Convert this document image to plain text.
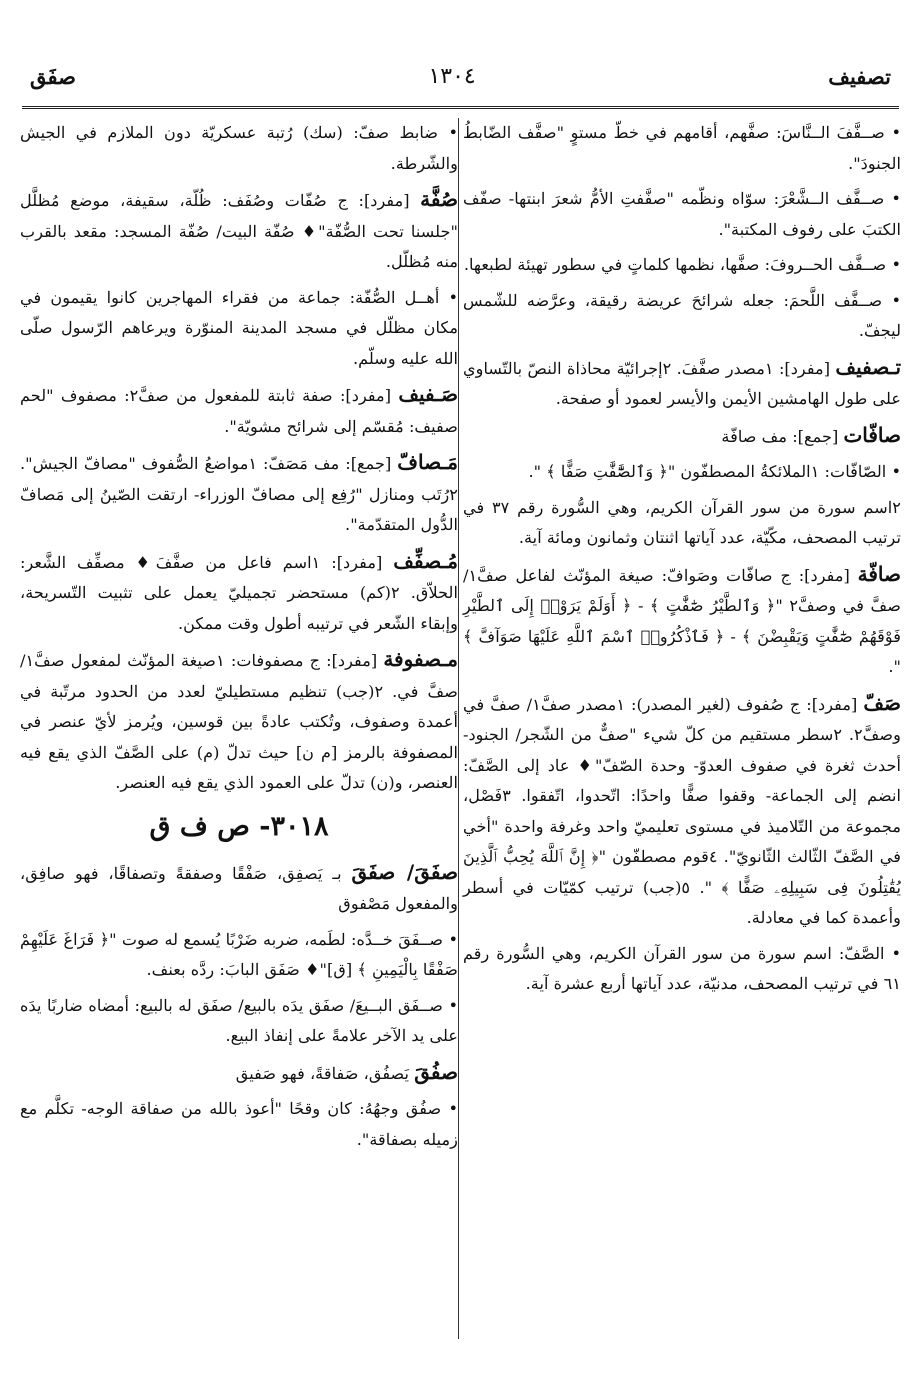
تصفيف
١٣٠٤
صفَق

• صــفَّفَ الــنَّاسَ: صفَّهم، أقامهم في خطّ مستوٍ "صفَّف الضّابطُ الجنودَ".

• صــفَّف الــشَّعْرَ: سوّاه ونظّمه "صفَّفتِ الأمُّ شعرَ ابنتها- صفّف الكتبَ على رفوف المكتبة".

• صــفَّف الحــروفَ: صفَّها، نظمها كلماتٍ في سطور تهيئة لطبعها.

• صــفَّف اللَّحمَ: جعله شرائحَ عريضة رقيقة، وعرَّضه للشّمس ليجفّ.

تـصفيف [مفرد]: ١مصدر صفَّفَ. ٢إجرائيّة محاذاة النصّ بالتّساوي على طول الهامشين الأيمن والأيسر لعمود أو صفحة.

صافّات [جمع]: مف صافّة

• الصّافّات: ١الملائكةُ المصطفّون "﴿ وَٱلصَّٰٓفَّٰتِ صَفًّا ﴾ ".

٢اسم سورة من سور القرآن الكريم، وهي السُّورة رقم ٣٧ في ترتيب المصحف، مكّيّة، عدد آياتها اثنتان وثمانون ومائة آية.

صافّة [مفرد]: ج صافّات وصَوافّ: صيغة المؤنّث لفاعل صفَّ١/ صفَّ في وصفَّ٢ "﴿ وَٱلطَّيْرُ صَٰٓفَّٰتٍ ﴾ - ﴿ أَوَلَمْ يَرَوْا۟ إِلَى ٱلطَّيْرِ فَوْقَهُمْ صَٰٓفَّٰتٍ وَيَقْبِضْنَ ﴾ - ﴿ فَٱذْكُرُوا۟ ٱسْمَ ٱللَّهِ عَلَيْهَا صَوَآفَّ ﴾ ".

صَفّ [مفرد]: ج صُفوف (لغير المصدر): ١مصدر صفَّ١/ صفَّ في وصفَّ٢. ٢سطر مستقيم من كلّ شيء "صفٌّ من الشّجر/ الجنود- أحدث ثغرة في صفوف العدوّ- وحدة الصّفّ"♦ عاد إلى الصَّفّ: انضم إلى الجماعة- وقفوا صفًّا واحدًا: اتّحدوا، اتّفقوا. ٣فَصْل، مجموعة من التّلاميذ في مستوى تعليميّ واحد وغرفة واحدة "أخي في الصَّفّ الثّالث الثّانويّ". ٤قوم مصطفّون "﴿ إِنَّ ٱللَّهَ يُحِبُّ ٱلَّذِينَ يُقَٰتِلُونَ فِى سَبِيلِهِۦ صَفًّا ﴾ ". ٥(جب) ترتيب كمّيّات في أسطر وأعمدة كما في معادلة.

• الصَّفّ: اسم سورة من سور القرآن الكريم، وهي السُّورة رقم ٦١ في ترتيب المصحف، مدنيّة، عدد آياتها أربع عشرة آية.

• ضابط صفّ: (سك) رُتبة عسكريّة دون الملازم في الجيش والشّرطة.

صُفَّة [مفرد]: ج صُفّات وصُفَف: ظُلّة، سقيفة، موضع مُظلَّل "جلسنا تحت الصُّفّة"♦ صُفّة البيت/ صُفّة المسجد: مقعد بالقرب منه مُظلّل.

• أهــل الصُّفّة: جماعة من فقراء المهاجرين كانوا يقيمون في مكان مظلّل في مسجد المدينة المنوّرة ويرعاهم الرّسول صلّى الله عليه وسلّم.

صَـفيف [مفرد]: صفة ثابتة للمفعول من صفَّ٢: مصفوف "لحم صفيف: مُقسّم إلى شرائح مشويّة".

مَـصافّ [جمع]: مف مَصَفّ: ١مواضعُ الصُّفوف "مصافّ الجيش". ٢رُتَب ومنازل "رُفِع إلى مصافّ الوزراء- ارتقت الصّينُ إلى مَصافّ الدُّول المتقدّمة".

مُـصفِّف [مفرد]: ١اسم فاعل من صفَّفَ♦ مصفِّف الشَّعر: الحلاّق. ٢(كم) مستحضر تجميليّ يعمل على تثبيت التّسريحة، وإبقاء الشّعر في ترتيبه أطول وقت ممكن.

مـصفوفة [مفرد]: ج مصفوفات: ١صيغة المؤنّث لمفعول صفَّ١/ صفَّ في. ٢(جب) تنظيم مستطيليّ لعدد من الحدود مرتّبة في أعمدة وصفوف، وتُكتب عادةً بين قوسين، ويُرمز لأيّ عنصر في المصفوفة بالرمز [م ن] حيث تدلّ (م) على الصَّفّ الذي يقع فيه العنصر، و(ن) تدلّ على العمود الذي يقع فيه العنصر.

٣٠١٨- ص ف ق

صفَقَ/ صفَقَ بـ يَصفِق، صَفْقًا وصفقةً وتصفاقًا، فهو صافِق، والمفعول مَصْفوق

• صــفَقَ خــدَّه: لطَمه، ضربه ضَرْبًا يُسمع له صوت "﴿ فَرَاغَ عَلَيْهِمْ صَفْقًا بِالْيَمِينِ ﴾ [ق]"♦ صَفَق البابَ: ردَّه بعنف.

• صــفَق البــيعَ/ صفَق يدَه بالبيع/ صفَق له بالبيع: أمضاه ضاربًا يدَه على يد الآخر علامةً على إنفاذ البيع.

صفُقَ يَصفُق، صَفاقةً، فهو صَفيق

• صفُق وجهُهُ: كان وقحًا "أعوذ بالله من صفاقة الوجه- تكلَّم مع زميله بصفاقة".
